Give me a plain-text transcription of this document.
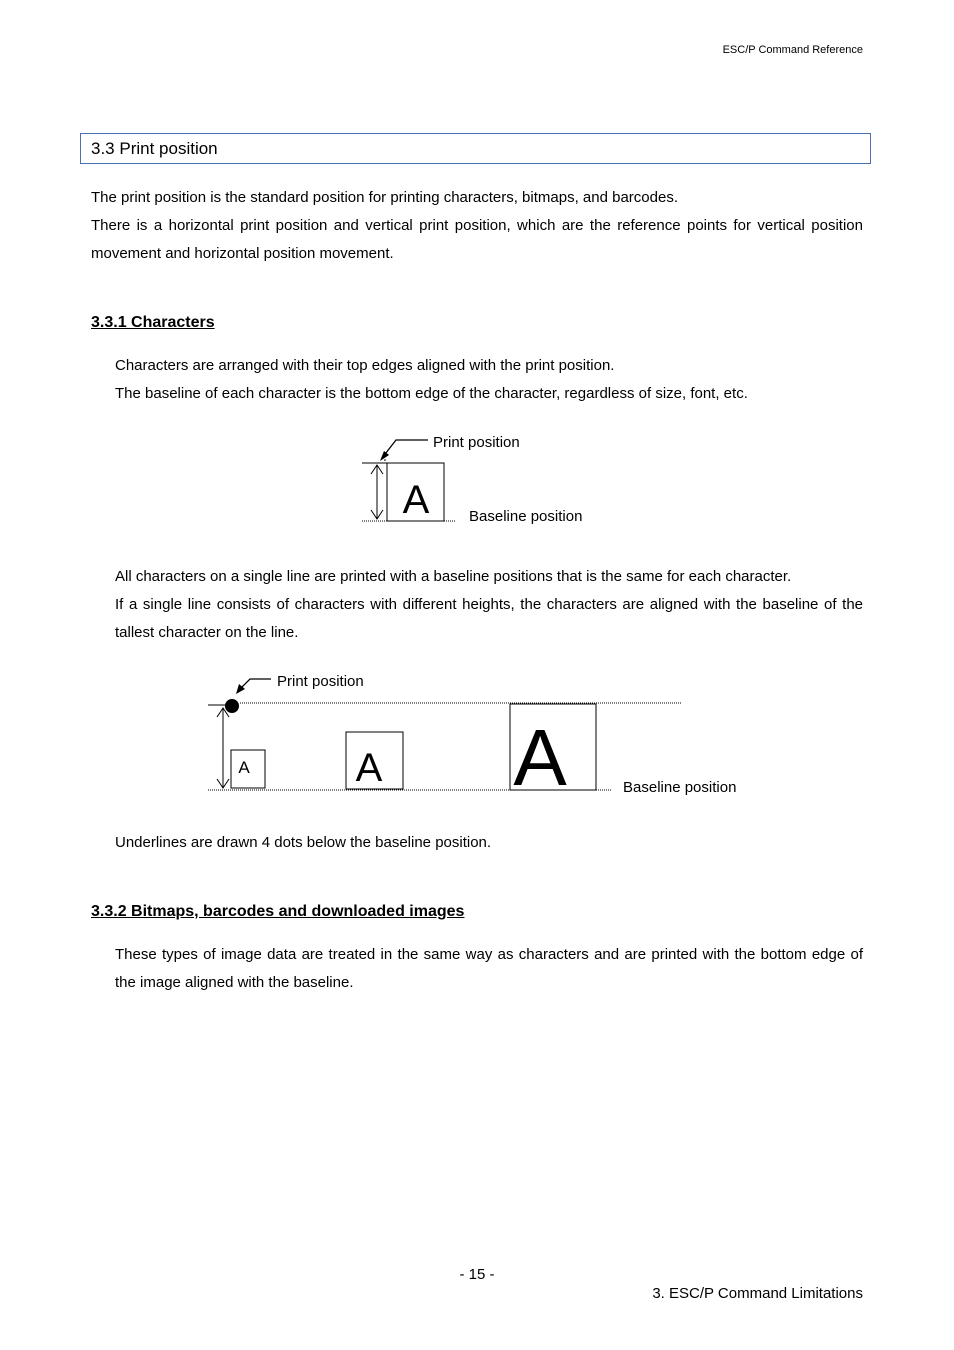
ESC/P Command Reference
3.3 Print position
The print position is the standard position for printing characters, bitmaps, and barcodes.
There is a horizontal print position and vertical print position, which are the reference points for vertical position movement and horizontal position movement.
3.3.1 Characters
Characters are arranged with their top edges aligned with the print position.
The baseline of each character is the bottom edge of the character, regardless of size, font, etc.
A
Print position
Baseline position
All characters on a single line are printed with a baseline positions that is the same for each character.
If a single line consists of characters with different heights, the characters are aligned with the baseline of the tallest character on the line.
A	A A
Print position
Baseline position
Underlines are drawn 4 dots below the baseline position.
3.3.2 Bitmaps, barcodes and downloaded images
These types of image data are treated in the same way as characters and are printed with the bottom edge of the image aligned with the baseline.
- 15 -
3. ESC/P Command Limitations
